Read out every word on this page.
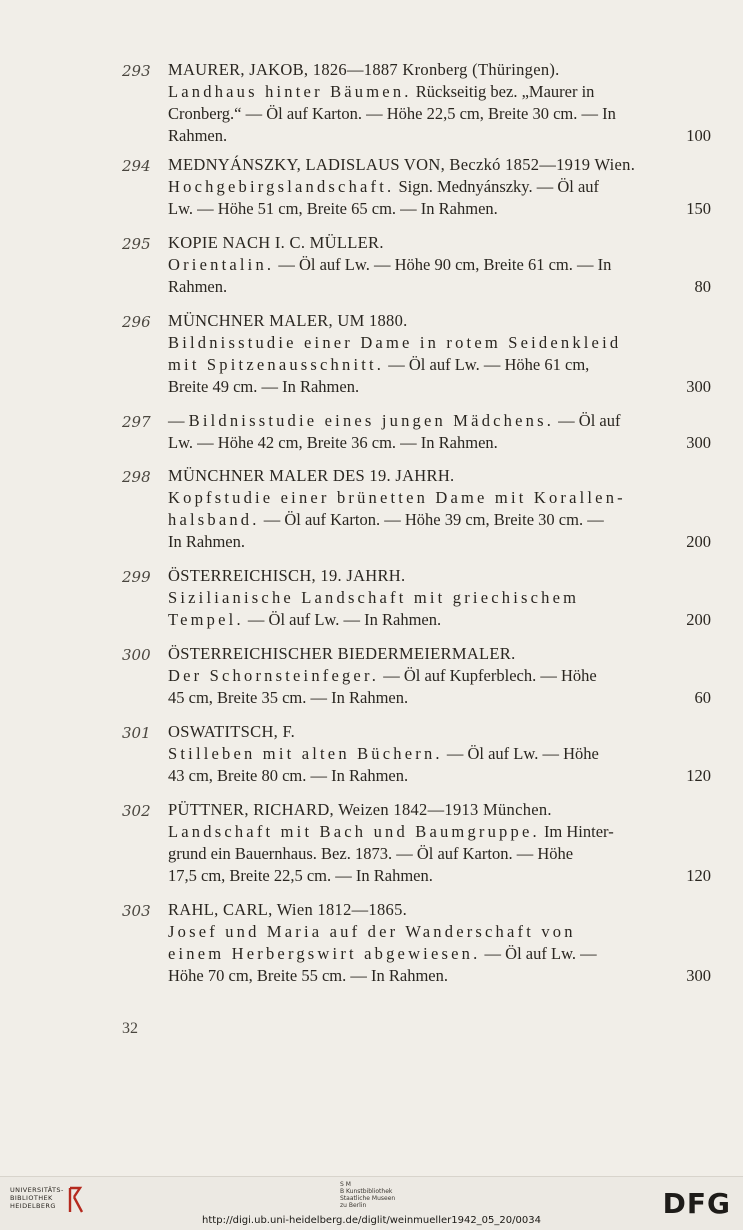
293 MAURER, JAKOB, 1826—1887 Kronberg (Thüringen).
Landhaus hinter Bäumen. Rückseitig bez. „Maurer in
Cronberg.“ — Öl auf Karton. — Höhe 22,5 cm, Breite 30 cm. — In
Rahmen.	100
294 MEDNYÁNSZKY, LADISLAUS VON, Beczkó 1852—1919 Wien.
Hochgebirgslandschaft. Sign. Mednyánszky. — Öl auf
Lw. — Höhe 51 cm, Breite 65 cm. — In Rahmen.	150
295 KOPIE NACH I. C. MÜLLER.
Orientalin. — Öl auf Lw. — Höhe 90 cm, Breite 61 cm. — In
Rahmen.	80
296 MÜNCHNER MALER, UM 1880.
Bildnisstudie einer Dame in rotem Seidenkleid
mit Spitzenausschnitt. — Öl auf Lw. — Höhe 61 cm,
Breite 49 cm. — In Rahmen.	300
297 — Bildnisstudie eines jungen Mädchens. — Öl auf
Lw. — Höhe 42 cm, Breite 36 cm. — In Rahmen.	300
298 MÜNCHNER MALER DES 19. JAHRH.
Kopfstudie einer brünetten Dame mit Korallen-
halsband. — Öl auf Karton. — Höhe 39 cm, Breite 30 cm. —
In Rahmen.	200
299 ÖSTERREICHISCH, 19. JAHRH.
Sizilianische Landschaft mit griechischem
Tempel. — Öl auf Lw. — In Rahmen.	200
300 ÖSTERREICHISCHER BIEDERMEIERMALER.
Der Schornsteinfeger. — Öl auf Kupferblech. — Höhe
45 cm, Breite 35 cm. — In Rahmen.	60
301 OSWATITSCH, F.
Stilleben mit alten Büchern. — Öl auf Lw. — Höhe
43 cm, Breite 80 cm. — In Rahmen.	120
302 PÜTTNER, RICHARD, Weizen 1842—1913 München.
Landschaft mit Bach und Baumgruppe. Im Hinter-
grund ein Bauernhaus. Bez. 1873. — Öl auf Karton. — Höhe
17,5 cm, Breite 22,5 cm. — In Rahmen.	120
303 RAHL, CARL, Wien 1812—1865.
Josef und Maria auf der Wanderschaft von
einem Herbergswirt abgewiesen. — Öl auf Lw. —
Höhe 70 cm, Breite 55 cm. — In Rahmen.	300
32
UNIVERSITÄTS-
BIBLIOTHEK
HEIDELBERG
S M
B Kunstbibliothek
Staatliche Museen
zu Berlin	DFG
http://digi.ub.uni-heidelberg.de/diglit/weinmueller1942_05_20/0034
